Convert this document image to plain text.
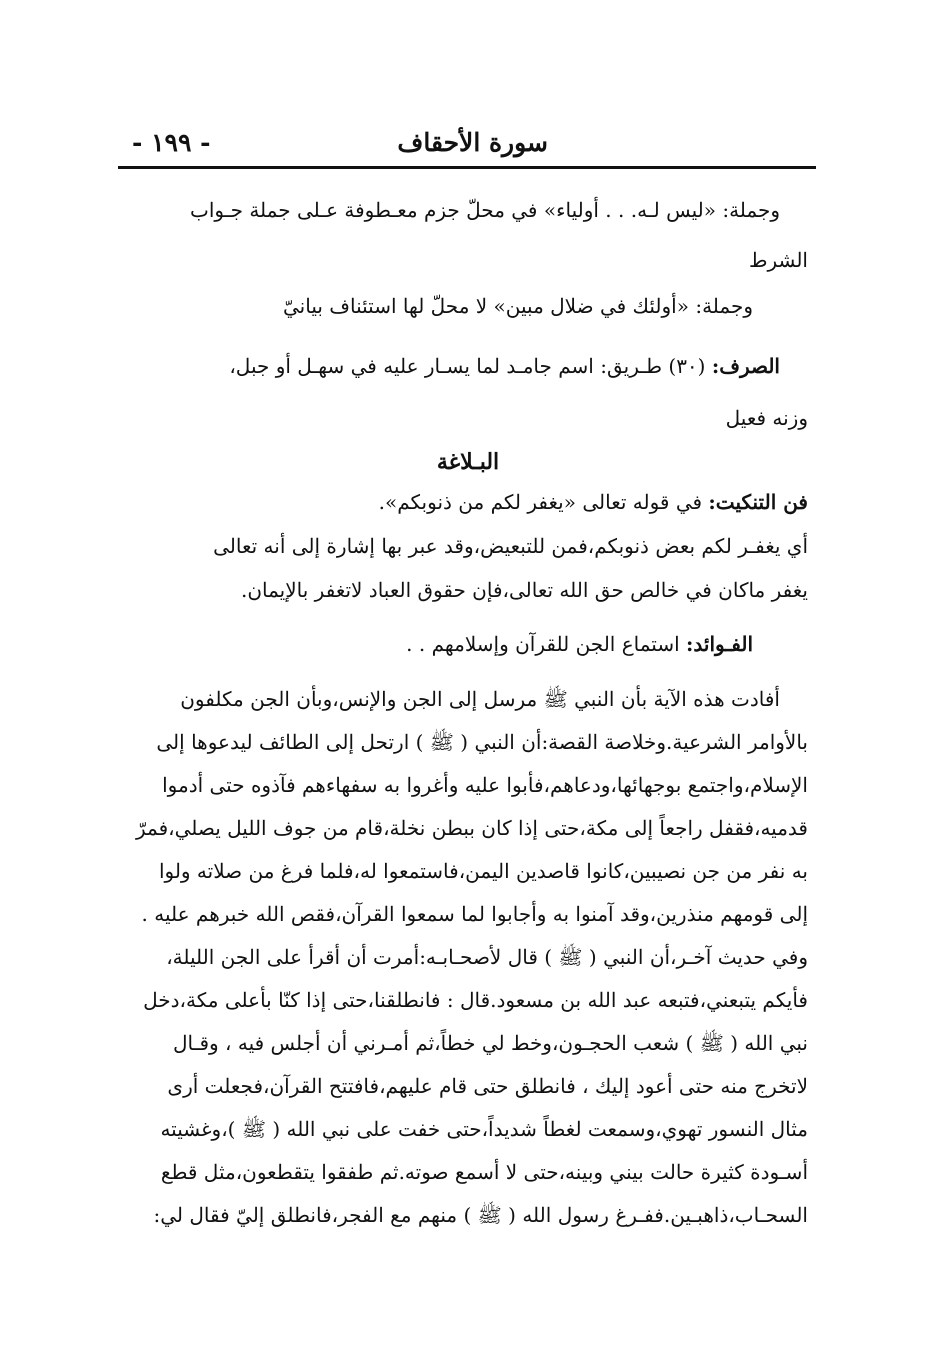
سورة الأحقاف
- ١٩٩ -
وجملة: «ليس لـه. . . أولياء» في محلّ جزم معـطوفة عـلى جملة جـواب
الشرط
وجملة: «أولئك في ضلال مبين» لا محلّ لها استئناف بيانيّ
الصرف: (٣٠) طـريق: اسم جامـد لما يسـار عليه في سهـل أو جبل،
وزنه فعيل
البـلاغة
فن التنكيت: في قوله تعالى «يغفر لكم من ذنوبكم».
أي يغفـر لكم بعض ذنوبكم،فمن للتبعيض،وقد عبر بها إشارة إلى أنه تعالى
يغفر ماكان في خالص حق الله تعالى،فإن حقوق العباد لاتغفر بالإيمان.
الفـوائد: استماع الجن للقرآن وإسلامهم . .
أفادت هذه الآية بأن النبي ﷺ مرسل إلى الجن والإنس،وبأن الجن مكلفون
بالأوامر الشرعية.وخلاصة القصة:أن النبي ( ﷺ ) ارتحل إلى الطائف ليدعوها إلى
الإسلام،واجتمع بوجهائها،ودعاهم،فأبوا عليه وأغروا به سفهاءهم فآذوه حتى أدموا
قدميه،فقفل راجعاً إلى مكة،حتى إذا كان ببطن نخلة،قام من جوف الليل يصلي،فمرّ
به نفر من جن نصيبين،كانوا قاصدين اليمن،فاستمعوا له،فلما فرغ من صلاته ولوا
إلى قومهم منذرين،وقد آمنوا به وأجابوا لما سمعوا القرآن،فقص الله خبرهم عليه .
وفي حديث آخـر،أن النبي ( ﷺ ) قال لأصحـابـه:أمرت أن أقرأ على الجن الليلة،
فأيكم يتبعني،فتبعه عبد الله بن مسعود.قال : فانطلقنا،حتى إذا كنّا بأعلى مكة،دخل
نبي الله ( ﷺ ) شعب الحجـون،وخط لي خطاً،ثم أمـرني أن أجلس فيه ، وقـال
لاتخرج منه حتى أعود إليك ، فانطلق حتى قام عليهم،فافتتح القرآن،فجعلت أرى
مثال النسور تهوي،وسمعت لغطاً شديداً،حتى خفت على نبي الله ( ﷺ )،وغشيته
أسـودة كثيرة حالت بيني وبينه،حتى لا أسمع صوته.ثم طفقوا يتقطعون،مثل قطع
السحـاب،ذاهبـين.ففـرغ رسول الله ( ﷺ ) منهم مع الفجر،فانطلق إليّ فقال لي:
